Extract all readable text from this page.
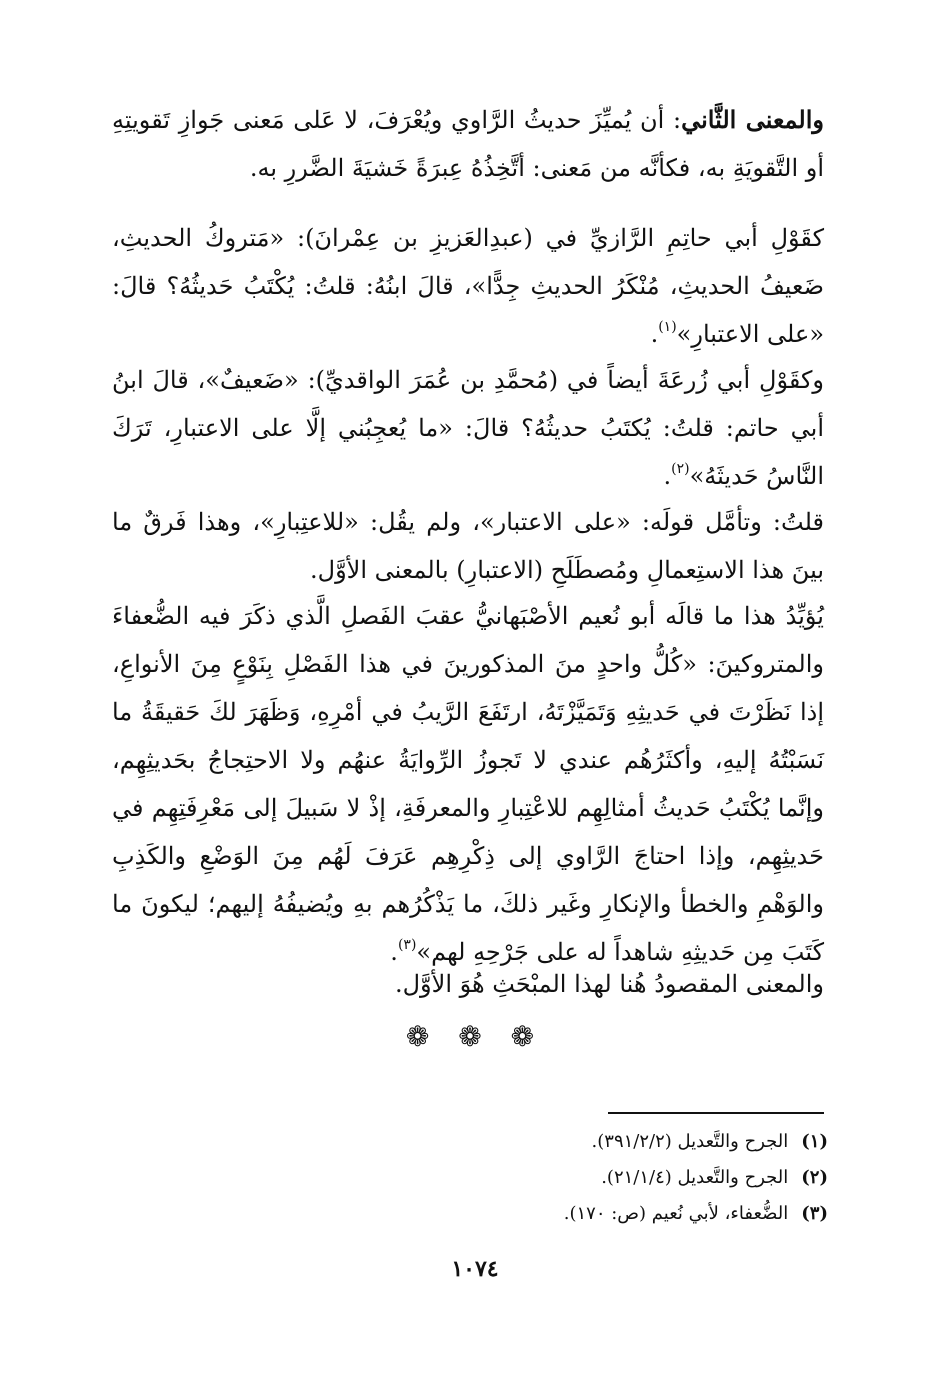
والمعنى الثَّاني: أن يُميِّزَ حديثُ الرَّاوي ويُعْرَفَ، لا عَلى مَعنى جَوازِ تَقويتِهِ أو التَّقويَةِ به، فكأنَّه من مَعنى: أتَّخِذُهُ عِبرَةً خَشيَةَ الضَّررِ به.

كقَوْلِ أبي حاتِمِ الرَّازيِّ في (عبدِالعَزيزِ بن عِمْرانَ): «مَتروكُ الحديثِ، ضَعيفُ الحديثِ، مُنْكَرُ الحديثِ جِدًّا»، قالَ ابنُهُ: قلتُ: يُكْتَبُ حَديثُهُ؟ قالَ: «على الاعتبارِ»$^{(١)}$.

وكقَوْلِ أبي زُرعَةَ أيضاً في (مُحمَّدِ بن عُمَرَ الواقديِّ): «ضَعيفٌ»، قالَ ابنُ أبي حاتم: قلتُ: يُكتَبُ حديثُهُ؟ قالَ: «ما يُعجِبُني إلَّا على الاعتبارِ، تَرَكَ النَّاسُ حَديثَهُ»$^{(٢)}$.

قلتُ: وتأمَّل قولَه: «على الاعتبار»، ولم يقُل: «للاعتِبارِ»، وهذا فَرقٌ ما بينَ هذا الاستِعمالِ ومُصطَلَحِ (الاعتبارِ) بالمعنى الأوَّل.

يُؤيِّدُ هذا ما قالَه أبو نُعيم الأصْبَهانيُّ عقبَ الفَصلِ الَّذي ذكَرَ فيه الضُّعفاءَ والمتروكينَ: «كُلُّ واحدٍ منَ المذكورينَ في هذا الفَصْلِ بِنَوْعٍ مِنَ الأنواعِ، إذا نَظَرْتَ في حَديثِهِ وَتَمَيَّزْتَهُ، ارتَفَعَ الرَّيبُ في أمْرِهِ، وَظَهَرَ لكَ حَقيقَةُ ما نَسَبْتُهُ إليهِ، وأكثَرُهُم عندي لا تَجوزُ الرِّوايَةُ عنهُم ولا الاحتِجاجُ بحَديثِهِم، وإنَّما يُكْتَبُ حَديثُ أمثالِهِم للاعْتِبارِ والمعرفَةِ، إذْ لا سَبيلَ إلى مَعْرِفَتِهِم في حَديثِهِم، وإذا احتاجَ الرَّاوي إلى ذِكْرِهِم عَرَفَ لَهُم مِنَ الوَضْعِ والكَذِبِ والوَهْمِ والخطأ والإنكارِ وغَير ذلكَ، ما يَذْكُرُهم بهِ ويُضيفُهُ إليهم؛ ليكونَ ما كَتَبَ مِن حَديثِهِ شاهداً له على جَرْحِهِ لهم»$^{(٣)}$.

والمعنى المقصودُ هُنا لهذا المبْحَثِ هُوَ الأوَّل.

❁ ❁ ❁
(١) الجرح والتَّعديل (٣٩١/٢/٢).
(٢) الجرح والتَّعديل (٢١/١/٤).
(٣) الضُّعفاء، لأبي نُعيم (ص: ١٧٠).
١٠٧٤
